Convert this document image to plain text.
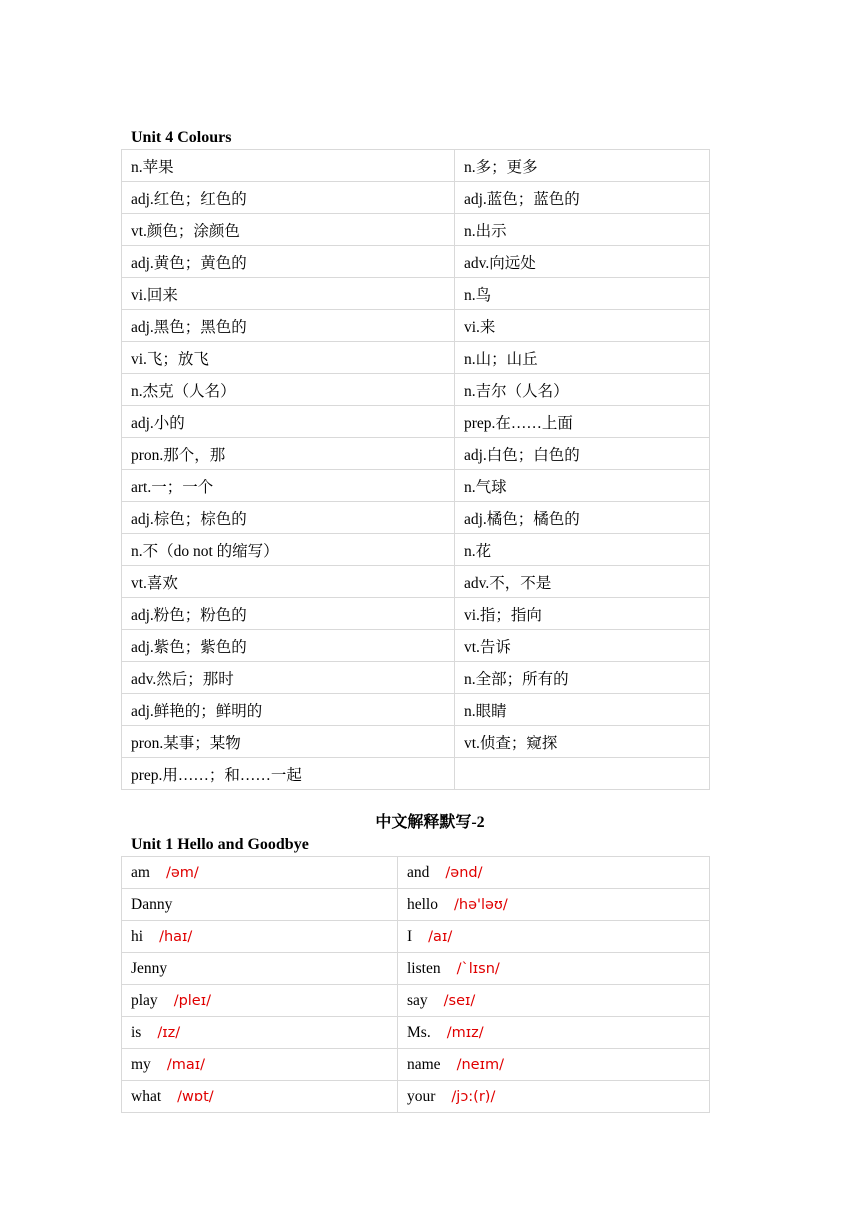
Unit 4 Colours
n.苹果	n.多；更多
adj.红色；红色的	adj.蓝色；蓝色的
vt.颜色；涂颜色	n.出示
adj.黄色；黄色的	adv.向远处
vi.回来	n.鸟
adj.黑色；黑色的	vi.来
vi.飞；放飞	n.山；山丘
n.杰克（人名）	n.吉尔（人名）
adj.小的	prep.在……上面
pron.那个，那	adj.白色；白色的
art.一；一个	n.气球
adj.棕色；棕色的	adj.橘色；橘色的
n.不（do not 的缩写）	n.花
vt.喜欢	adv.不，不是
adj.粉色；粉色的	vi.指；指向
adj.紫色；紫色的	vt.告诉
adv.然后；那时	n.全部；所有的
adj.鲜艳的；鲜明的	n.眼睛
pron.某事；某物	vt.侦查；窥探
prep.用……；和……一起	
中文解释默写-2
Unit 1 Hello and Goodbye
am /əm/	and /ənd/
Danny	hello /hə'ləʊ/
hi /haɪ/	I /aɪ/
Jenny	listen /`lɪsn/
play /pleɪ/	say /seɪ/
is /ɪz/	Ms. /mɪz/
my /maɪ/	name /neɪm/
what /wɒt/	your /jɔ:(r)/
